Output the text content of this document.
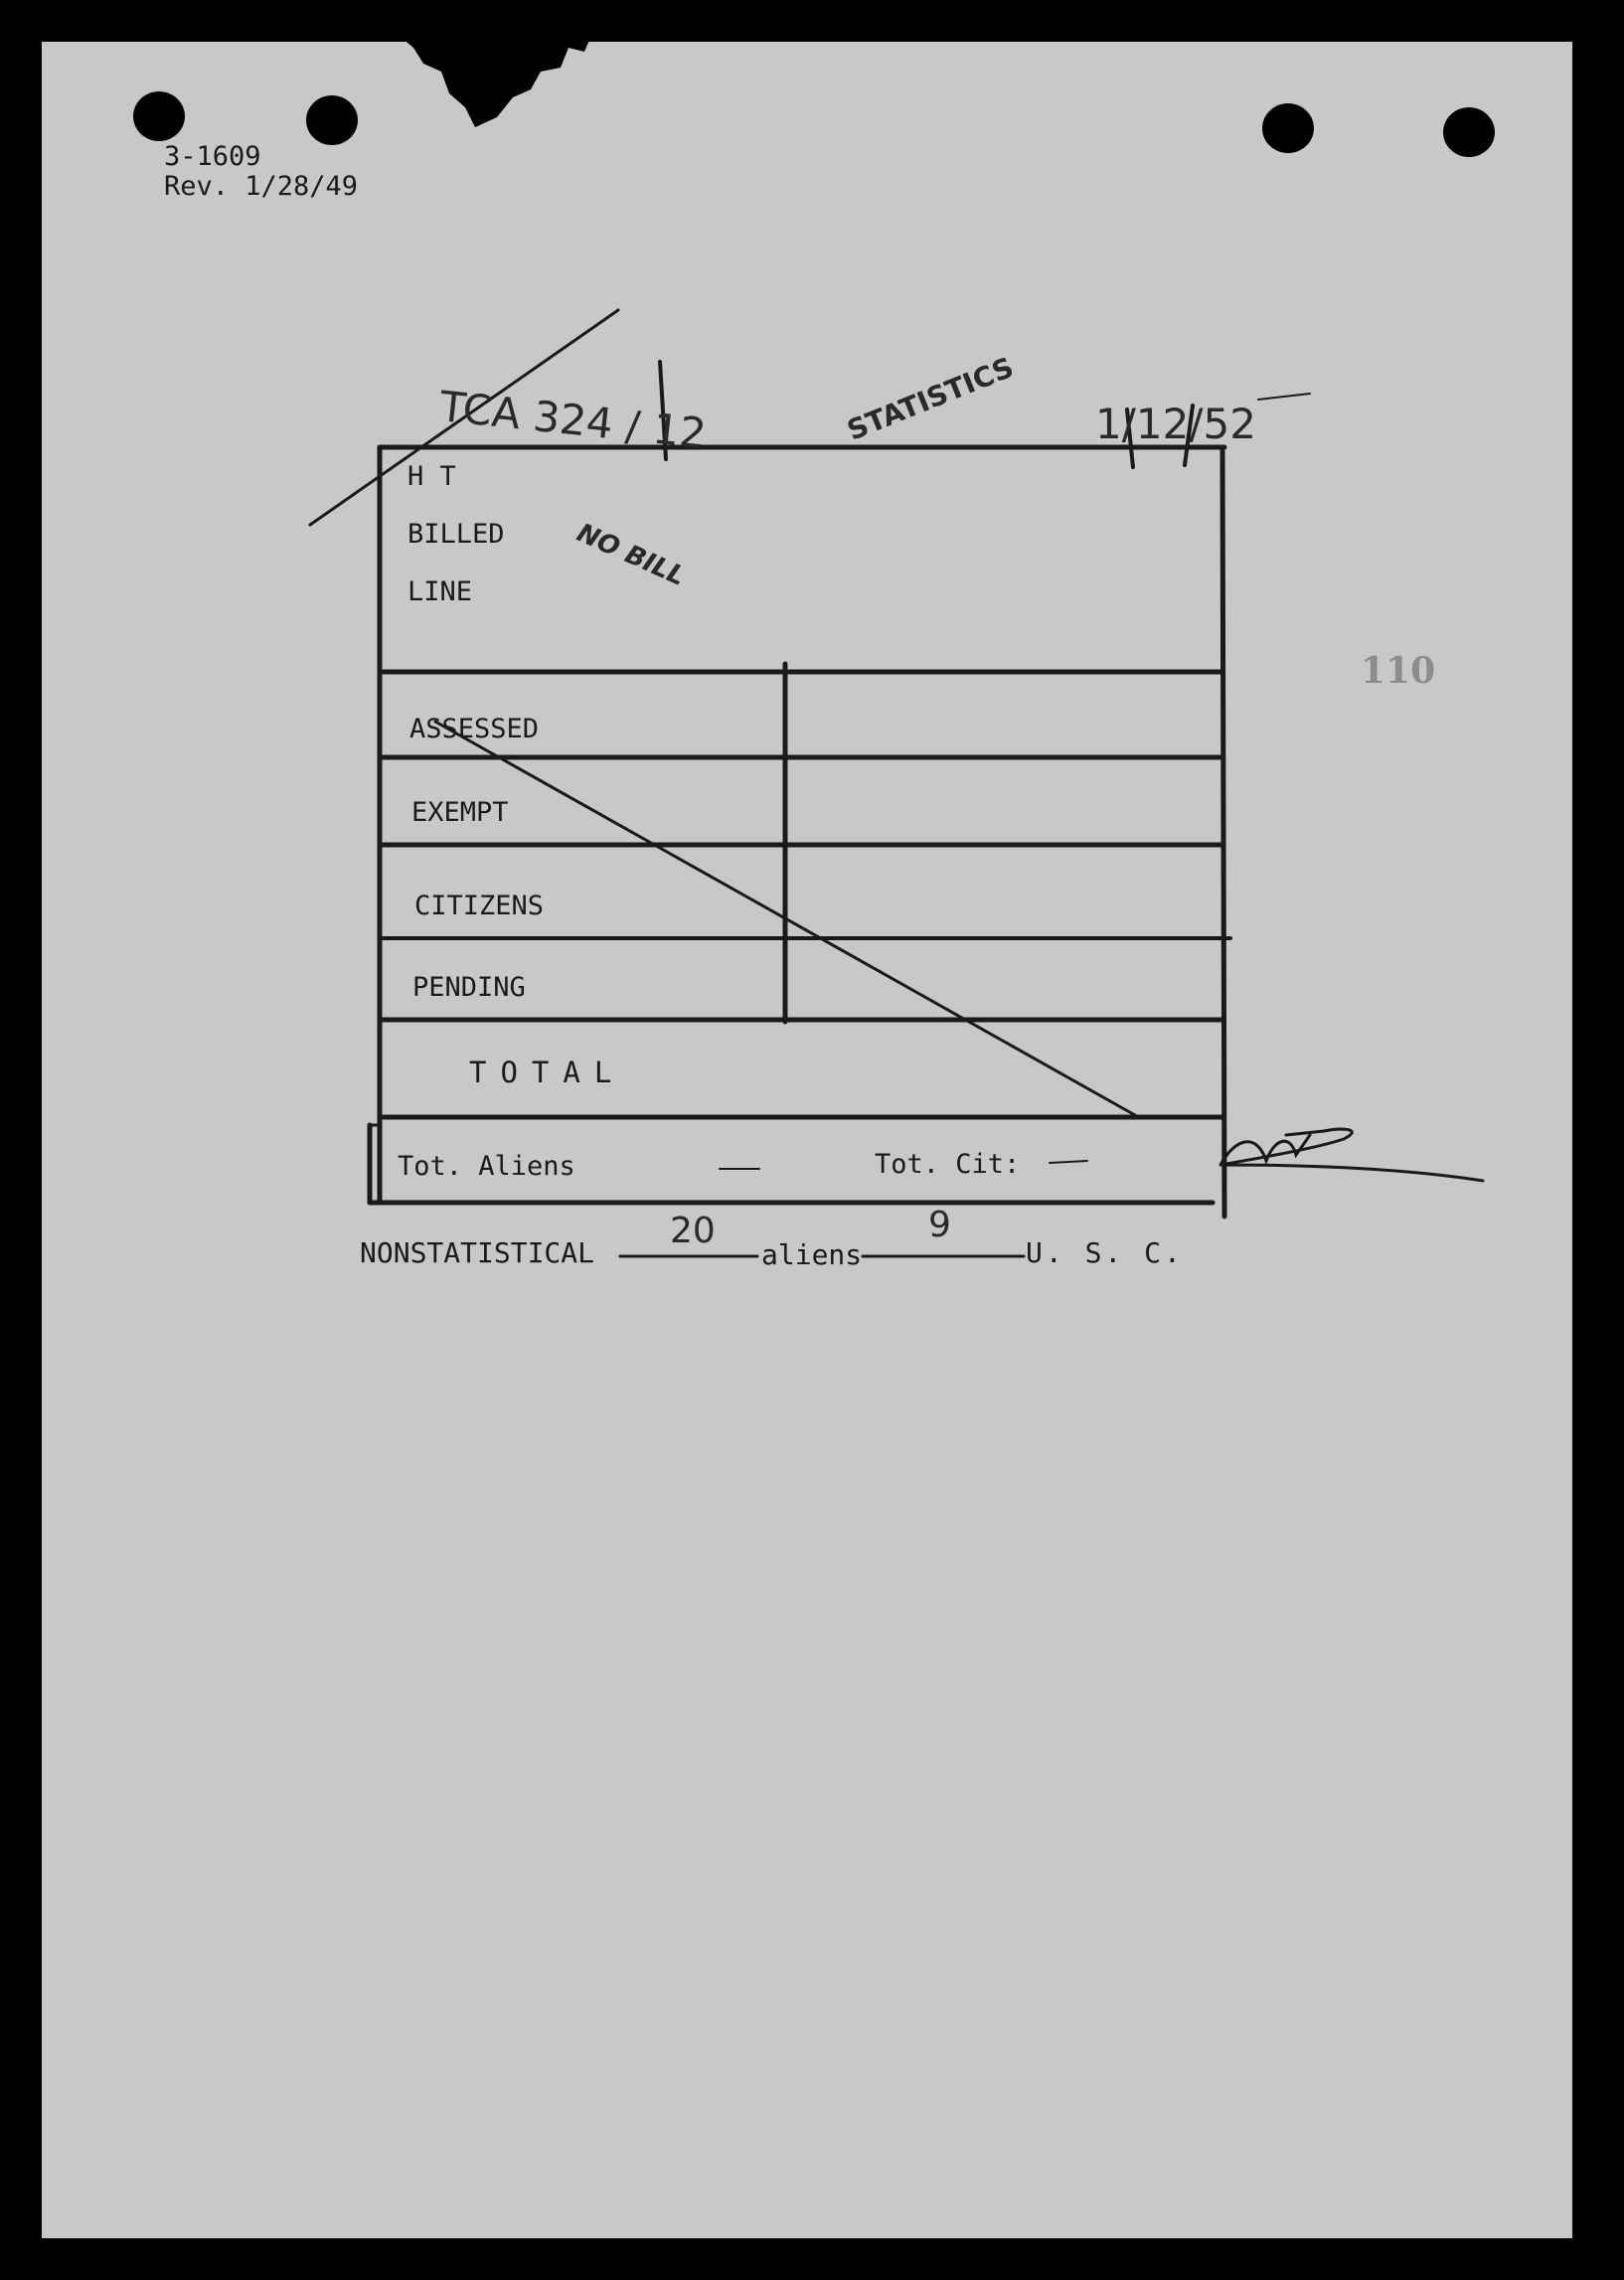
3-1609
Rev. 1/28/49
TCA 324 / 12	STATISTICS 1/12/52
NO BILL
110
H T
BILLED
LINE
ASSESSED
EXEMPT
CITIZENS
PENDING
TOTAL
Tot. Aliens	Tot. Cit:
NONSTATISTICAL
20
aliens
9
U. S. C.
